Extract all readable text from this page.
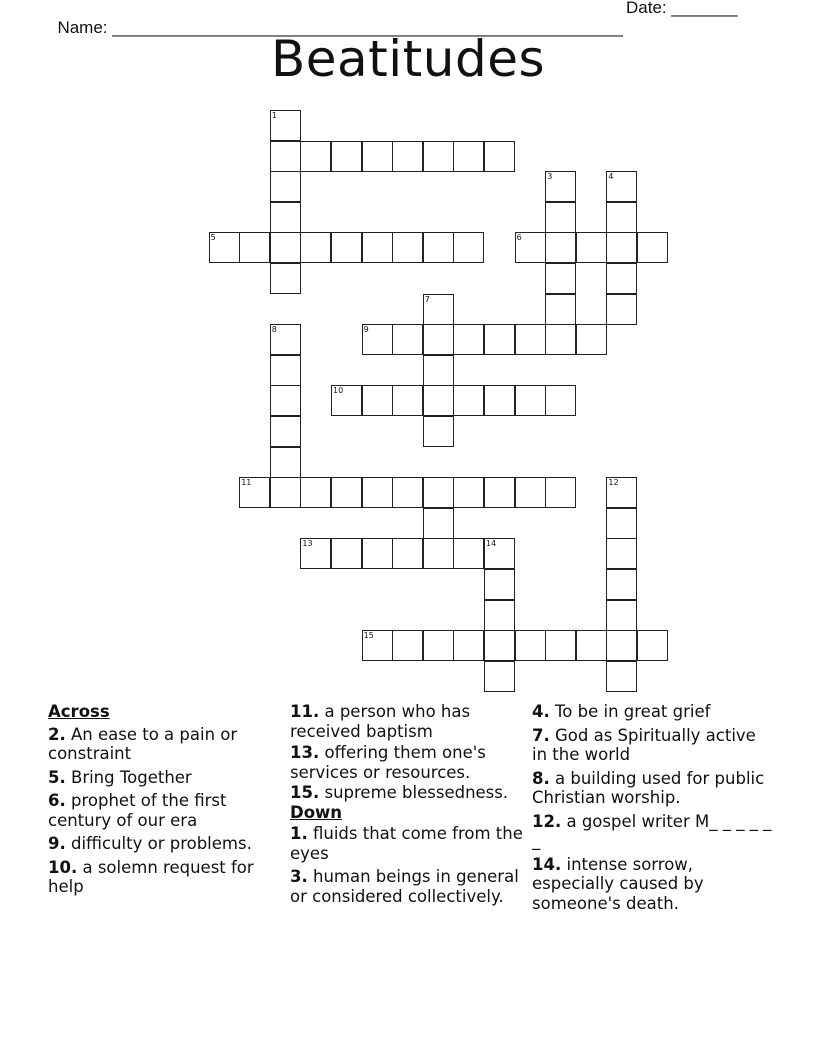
Name: ______________________________________________________

Date: _______

Beatitudes
1
3	4
5	6
9
7
8
10
11
13	14
12
15

Across

2. An ease to a pain or constraint

5. Bring Together

6. prophet of the first century of our era

9. difficulty or problems.

10. a solemn request for help

11. a person who has received baptism

13. offering them one's services or resources.

15. supreme blessedness.

Down

1. fluids that come from the eyes

3. human beings in general or considered collectively.

4. To be in great grief

7. God as Spiritually active in the world

8. a building used for public Christian worship.

12. a gospel writer M_ _ _ _ _ _

14. intense sorrow, especially caused by someone's death.
